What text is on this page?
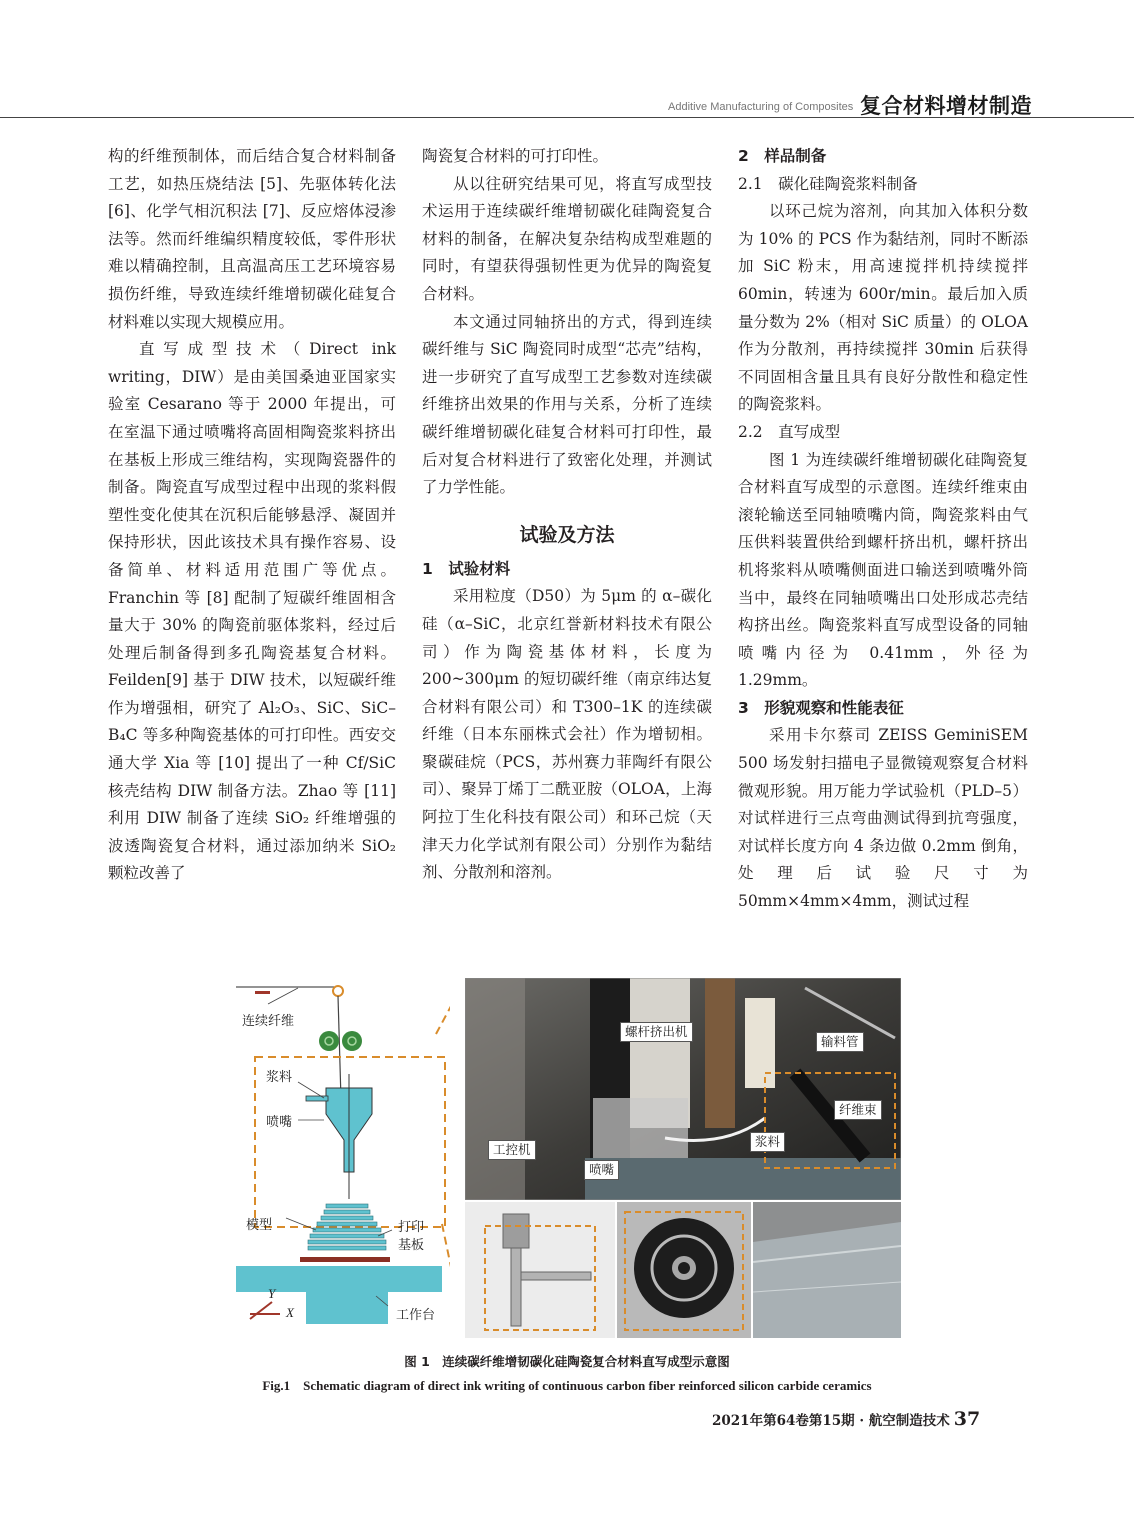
Additive Manufacturing of Composites 复合材料增材制造

构的纤维预制体，而后结合复合材料制备工艺，如热压烧结法 [5]、先驱体转化法 [6]、化学气相沉积法 [7]、反应熔体浸渗法等。然而纤维编织精度较低，零件形状难以精确控制，且高温高压工艺环境容易损伤纤维，导致连续纤维增韧碳化硅复合材料难以实现大规模应用。

直写成型技术（Direct ink writing，DIW）是由美国桑迪亚国家实验室 Cesarano 等于 2000 年提出，可在室温下通过喷嘴将高固相陶瓷浆料挤出在基板上形成三维结构，实现陶瓷器件的制备。陶瓷直写成型过程中出现的浆料假塑性变化使其在沉积后能够悬浮、凝固并保持形状，因此该技术具有操作容易、设备简单、材料适用范围广等优点。Franchin 等 [8] 配制了短碳纤维固相含量大于 30% 的陶瓷前驱体浆料，经过后处理后制备得到多孔陶瓷基复合材料。Feilden[9] 基于 DIW 技术，以短碳纤维作为增强相，研究了 Al₂O₃、SiC、SiC–B₄C 等多种陶瓷基体的可打印性。西安交通大学 Xia 等 [10] 提出了一种 Cf/SiC 核壳结构 DIW 制备方法。Zhao 等 [11] 利用 DIW 制备了连续 SiO₂ 纤维增强的波透陶瓷复合材料，通过添加纳米 SiO₂ 颗粒改善了

陶瓷复合材料的可打印性。

从以往研究结果可见，将直写成型技术运用于连续碳纤维增韧碳化硅陶瓷复合材料的制备，在解决复杂结构成型难题的同时，有望获得强韧性更为优异的陶瓷复合材料。

本文通过同轴挤出的方式，得到连续碳纤维与 SiC 陶瓷同时成型“芯壳”结构，进一步研究了直写成型工艺参数对连续碳纤维挤出效果的作用与关系，分析了连续碳纤维增韧碳化硅复合材料可打印性，最后对复合材料进行了致密化处理，并测试了力学性能。

试验及方法

1　试验材料

采用粒度（D50）为 5μm 的 α–碳化硅（α–SiC，北京红誉新材料技术有限公司）作为陶瓷基体材料，长度为 200~300μm 的短切碳纤维（南京纬达复合材料有限公司）和 T300–1K 的连续碳纤维（日本东丽株式会社）作为增韧相。聚碳硅烷（PCS，苏州赛力菲陶纤有限公司）、聚异丁烯丁二酰亚胺（OLOA，上海阿拉丁生化科技有限公司）和环己烷（天津天力化学试剂有限公司）分别作为黏结剂、分散剂和溶剂。

2　样品制备

2.1　碳化硅陶瓷浆料制备

以环己烷为溶剂，向其加入体积分数为 10% 的 PCS 作为黏结剂，同时不断添加 SiC 粉末，用高速搅拌机持续搅拌 60min，转速为 600r/min。最后加入质量分数为 2%（相对 SiC 质量）的 OLOA 作为分散剂，再持续搅拌 30min 后获得不同固相含量且具有良好分散性和稳定性的陶瓷浆料。

2.2　直写成型

图 1 为连续碳纤维增韧碳化硅陶瓷复合材料直写成型的示意图。连续纤维束由滚轮输送至同轴喷嘴内筒，陶瓷浆料由气压供料装置供给到螺杆挤出机，螺杆挤出机将浆料从喷嘴侧面进口输送到喷嘴外筒当中，最终在同轴喷嘴出口处形成芯壳结构挤出丝。陶瓷浆料直写成型设备的同轴喷嘴内径为 0.41mm，外径为 1.29mm。

3　形貌观察和性能表征

采用卡尔蔡司 ZEISS GeminiSEM 500 场发射扫描电子显微镜观察复合材料微观形貌。用万能力学试验机（PLD–5）对试样进行三点弯曲测试得到抗弯强度，对试样长度方向 4 条边做 0.2mm 倒角，处理后试验尺寸为 50mm×4mm×4mm，测试过程

连续纤维
浆料
喷嘴
模型	打印
基板
工作台
Y
X
螺杆挤出机
输料管
纤维束
工控机
浆料
喷嘴
图 1　连续碳纤维增韧碳化硅陶瓷复合材料直写成型示意图
Fig.1　Schematic diagram of direct ink writing of continuous carbon fiber reinforced silicon carbide ceramics
2021年第64卷第15期 · 航空制造技术 37
